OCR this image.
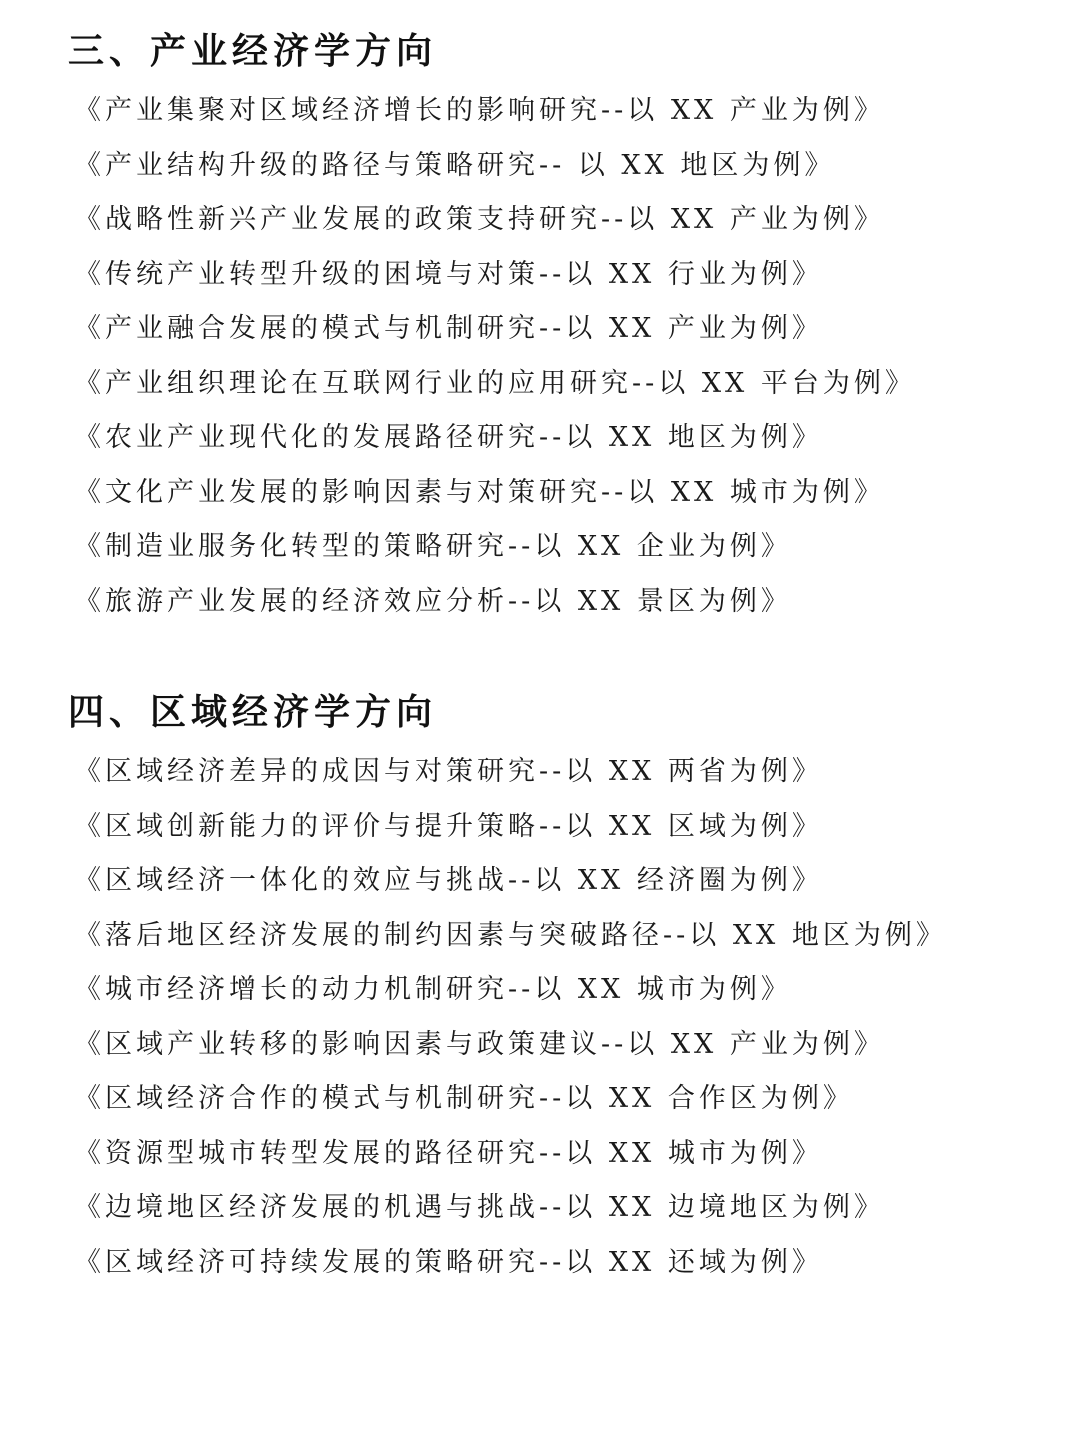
三、产业经济学方向
《产业集聚对区域经济增长的影响研究--以 XX 产业为例》
《产业结构升级的路径与策略研究-- 以 XX 地区为例》
《战略性新兴产业发展的政策支持研究--以 XX 产业为例》
《传统产业转型升级的困境与对策--以 XX 行业为例》
《产业融合发展的模式与机制研究--以 XX 产业为例》
《产业组织理论在互联网行业的应用研究--以 XX 平台为例》
《农业产业现代化的发展路径研究--以 XX 地区为例》
《文化产业发展的影响因素与对策研究--以 XX 城市为例》
《制造业服务化转型的策略研究--以 XX 企业为例》
《旅游产业发展的经济效应分析--以 XX 景区为例》
四、区域经济学方向
《区域经济差异的成因与对策研究--以 XX 两省为例》
《区域创新能力的评价与提升策略--以 XX 区域为例》
《区域经济一体化的效应与挑战--以 XX 经济圈为例》
《落后地区经济发展的制约因素与突破路径--以 XX 地区为例》
《城市经济增长的动力机制研究--以 XX 城市为例》
《区域产业转移的影响因素与政策建议--以 XX 产业为例》
《区域经济合作的模式与机制研究--以 XX 合作区为例》
《资源型城市转型发展的路径研究--以 XX 城市为例》
《边境地区经济发展的机遇与挑战--以 XX 边境地区为例》
《区域经济可持续发展的策略研究--以 XX 还域为例》
